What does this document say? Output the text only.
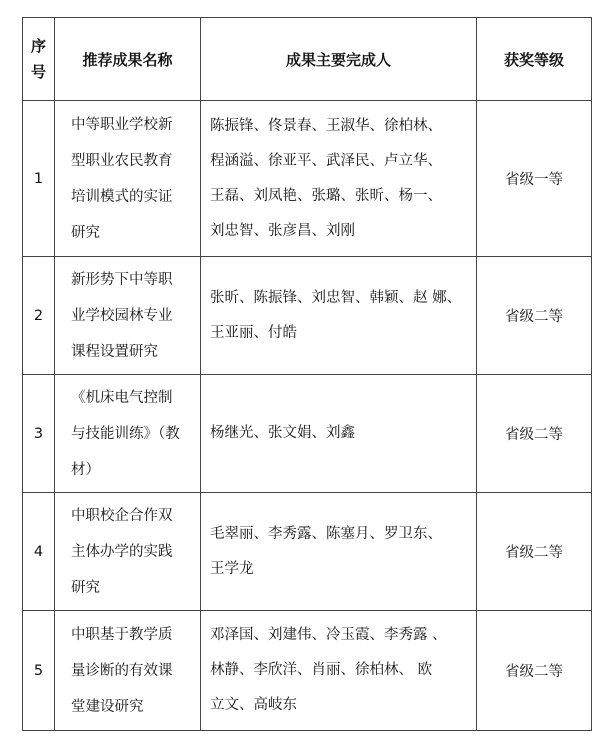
序
号	推荐成果名称	成果主要完成人	获奖等级
1	中等职业学校新
型职业农民教育
培训模式的实证
研究	陈振锋、佟景春、王淑华、徐柏林、
程涵溢、徐亚平、武泽民、卢立华、
王磊、刘凤艳、张璐、张昕、杨一、
刘忠智、张彦昌、刘刚	省级一等
2	新形势下中等职
业学校园林专业
课程设置研究	张昕、陈振锋、刘忠智、韩颖、赵 娜、
王亚丽、付皓	省级二等
3	《机床电气控制
与技能训练》（教
材）	杨继光、张文娟、刘鑫	省级二等
4	中职校企合作双
主体办学的实践
研究	毛翠丽、李秀露、陈塞月、罗卫东、
王学龙	省级二等
5	中职基于教学质
量诊断的有效课
堂建设研究	邓泽国、刘建伟、冷玉霞、李秀露 、
林静、李欣洋、肖丽、徐柏林、 欧
立文、高岐东	省级二等
